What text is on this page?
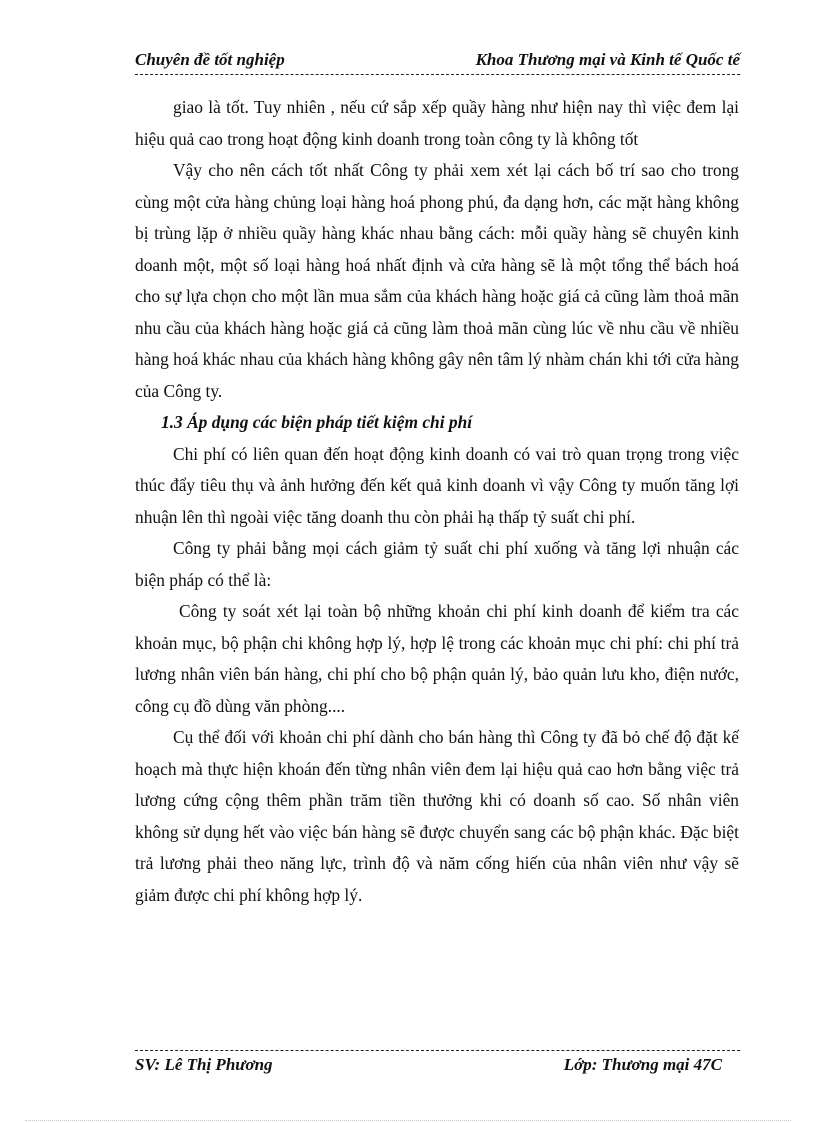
Chuyên đề tốt nghiệp	Khoa Thương mại và Kinh tế Quốc tế

giao là tốt. Tuy nhiên , nếu cứ sắp xếp quầy hàng như hiện nay thì việc đem lại hiệu quả cao trong hoạt động kinh doanh trong toàn công ty là không tốt

Vậy cho nên cách tốt nhất Công ty phải xem xét lại cách bố trí sao cho trong cùng một cửa hàng chủng loại hàng hoá phong phú, đa dạng hơn, các mặt hàng không bị trùng lặp ở nhiều quầy hàng khác nhau bằng cách: mỗi quầy hàng sẽ chuyên kinh doanh một, một số loại hàng hoá nhất định và cửa hàng sẽ là một tổng thể bách hoá cho sự lựa chọn cho một lần mua sắm của khách hàng hoặc giá cả cũng làm thoả mãn nhu cầu của khách hàng hoặc giá cả cũng làm thoả mãn cùng lúc về nhu cầu về nhiều hàng hoá khác nhau của khách hàng không gây nên tâm lý nhàm chán khi tới cửa hàng của Công ty.

1.3 Áp dụng các biện pháp tiết kiệm chi phí

Chi phí có liên quan đến hoạt động kinh doanh có vai trò quan trọng trong việc thúc đẩy tiêu thụ và ảnh hưởng đến kết quả kinh doanh vì vậy Công ty muốn tăng lợi nhuận lên thì ngoài việc tăng doanh thu còn phải hạ thấp tỷ suất chi phí.

Công ty phải bằng mọi cách giảm tỷ suất chi phí xuống và tăng lợi nhuận các biện pháp có thể là:

Công ty soát xét lại toàn bộ những khoản chi phí kinh doanh để kiểm tra các khoản mục, bộ phận chi không hợp lý, hợp lệ trong các khoản mục chi phí: chi phí trả lương nhân viên bán hàng, chi phí cho bộ phận quản lý, bảo quản lưu kho, điện nước, công cụ đồ dùng văn phòng....

Cụ thể đối với khoản chi phí dành cho bán hàng thì Công ty đã bỏ chế độ đặt kế hoạch mà thực hiện khoán đến từng nhân viên đem lại hiệu quả cao hơn bằng việc trả lương cứng cộng thêm phần trăm tiền thưởng khi có doanh số cao. Số nhân viên không sử dụng hết vào việc bán hàng sẽ được chuyển sang các bộ phận khác. Đặc biệt trả lương phải theo năng lực, trình độ và năm cống hiến của nhân viên như vậy sẽ giảm được chi phí không hợp lý.

SV: Lê Thị Phương	Lớp: Thương mại 47C
